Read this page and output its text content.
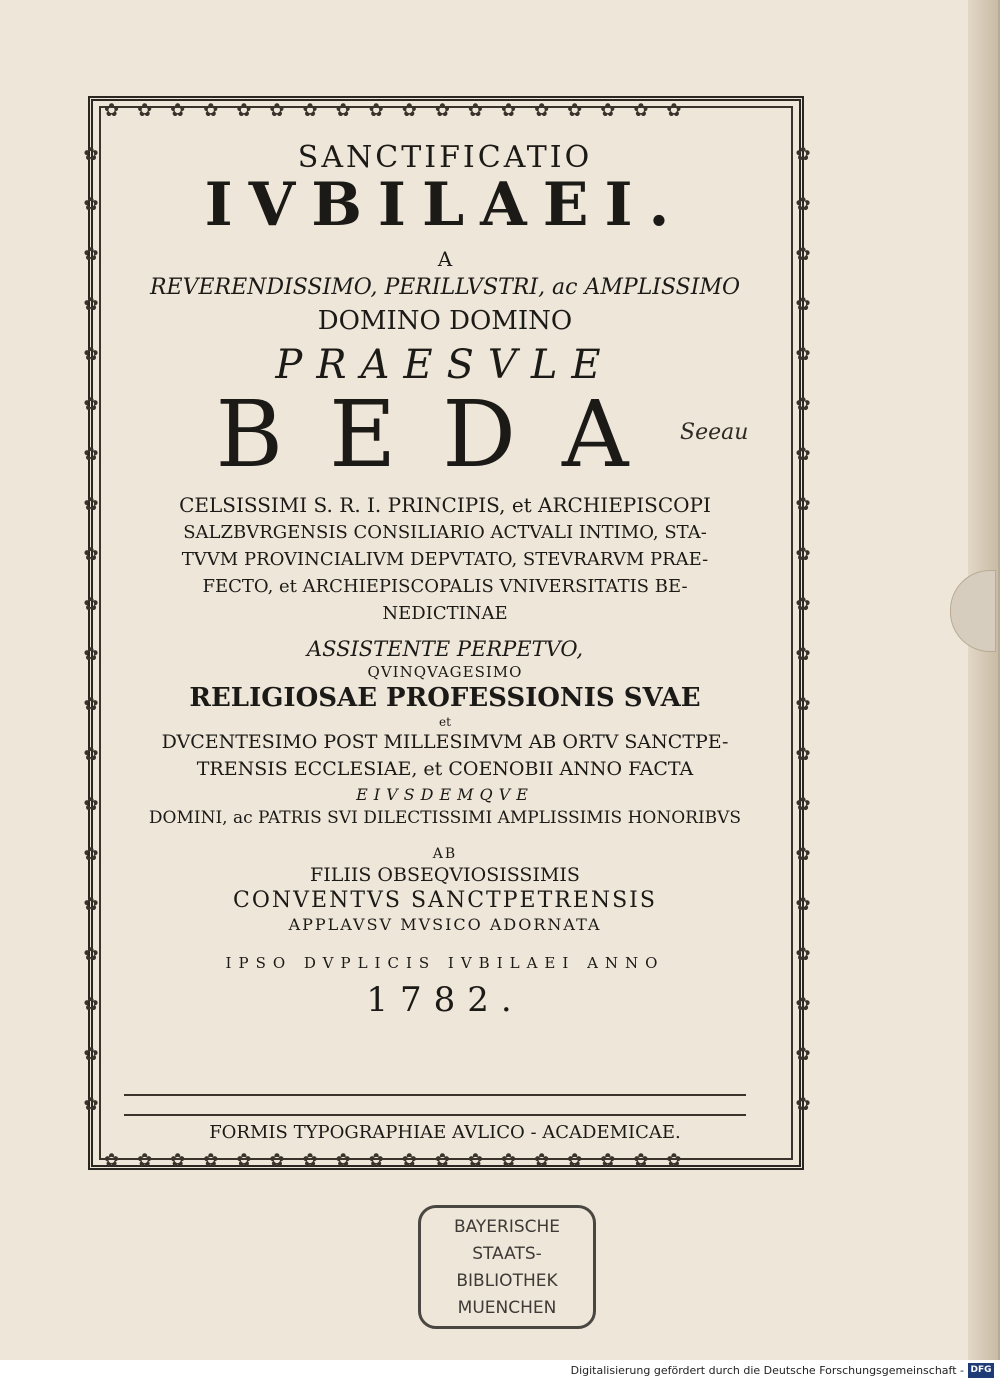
✿✿✿✿✿✿✿✿✿✿✿✿✿✿✿✿✿✿
✿✿✿✿✿✿✿✿✿✿✿✿✿✿✿✿✿✿
✿
✿
✿
✿
✿
✿
✿
✿
✿
✿
✿
✿
✿
✿
✿
✿
✿
✿
✿
✿
✿
✿
✿
✿
✿
✿
✿
✿
✿
✿
✿
✿
✿
✿
✿
✿
✿
✿
✿
✿
SANCTIFICATIO
IVBILAEI.
A
REVERENDISSIMO, PERILLVSTRI, ac AMPLISSIMO
DOMINO DOMINO
PRAESVLE
BEDA
CELSISSIMI S. R. I. PRINCIPIS, et ARCHIEPISCOPI
SALZBVRGENSIS CONSILIARIO ACTVALI INTIMO, STA-
TVVM PROVINCIALIVM DEPVTATO, STEVRARVM PRAE-
FECTO, et ARCHIEPISCOPALIS VNIVERSITATIS BE-
NEDICTINAE
ASSISTENTE PERPETVO,
QVINQVAGESIMO
RELIGIOSAE PROFESSIONIS SVAE
et
DVCENTESIMO POST MILLESIMVM AB ORTV SANCTPE-
TRENSIS ECCLESIAE, et COENOBII ANNO FACTA
EIVSDEMQVE
DOMINI, ac PATRIS SVI DILECTISSIMI AMPLISSIMIS HONORIBVS
AB
FILIIS OBSEQVIOSISSIMIS
CONVENTVS SANCTPETRENSIS
APPLAVSV MVSICO ADORNATA
IPSO DVPLICIS IVBILAEI ANNO
1782.
FORMIS TYPOGRAPHIAE AVLICO - ACADEMICAE.
Seeau
BAYERISCHE
STAATS-
BIBLIOTHEK
MUENCHEN
Digitalisierung gefördert durch die Deutsche Forschungsgemeinschaft - DFG
